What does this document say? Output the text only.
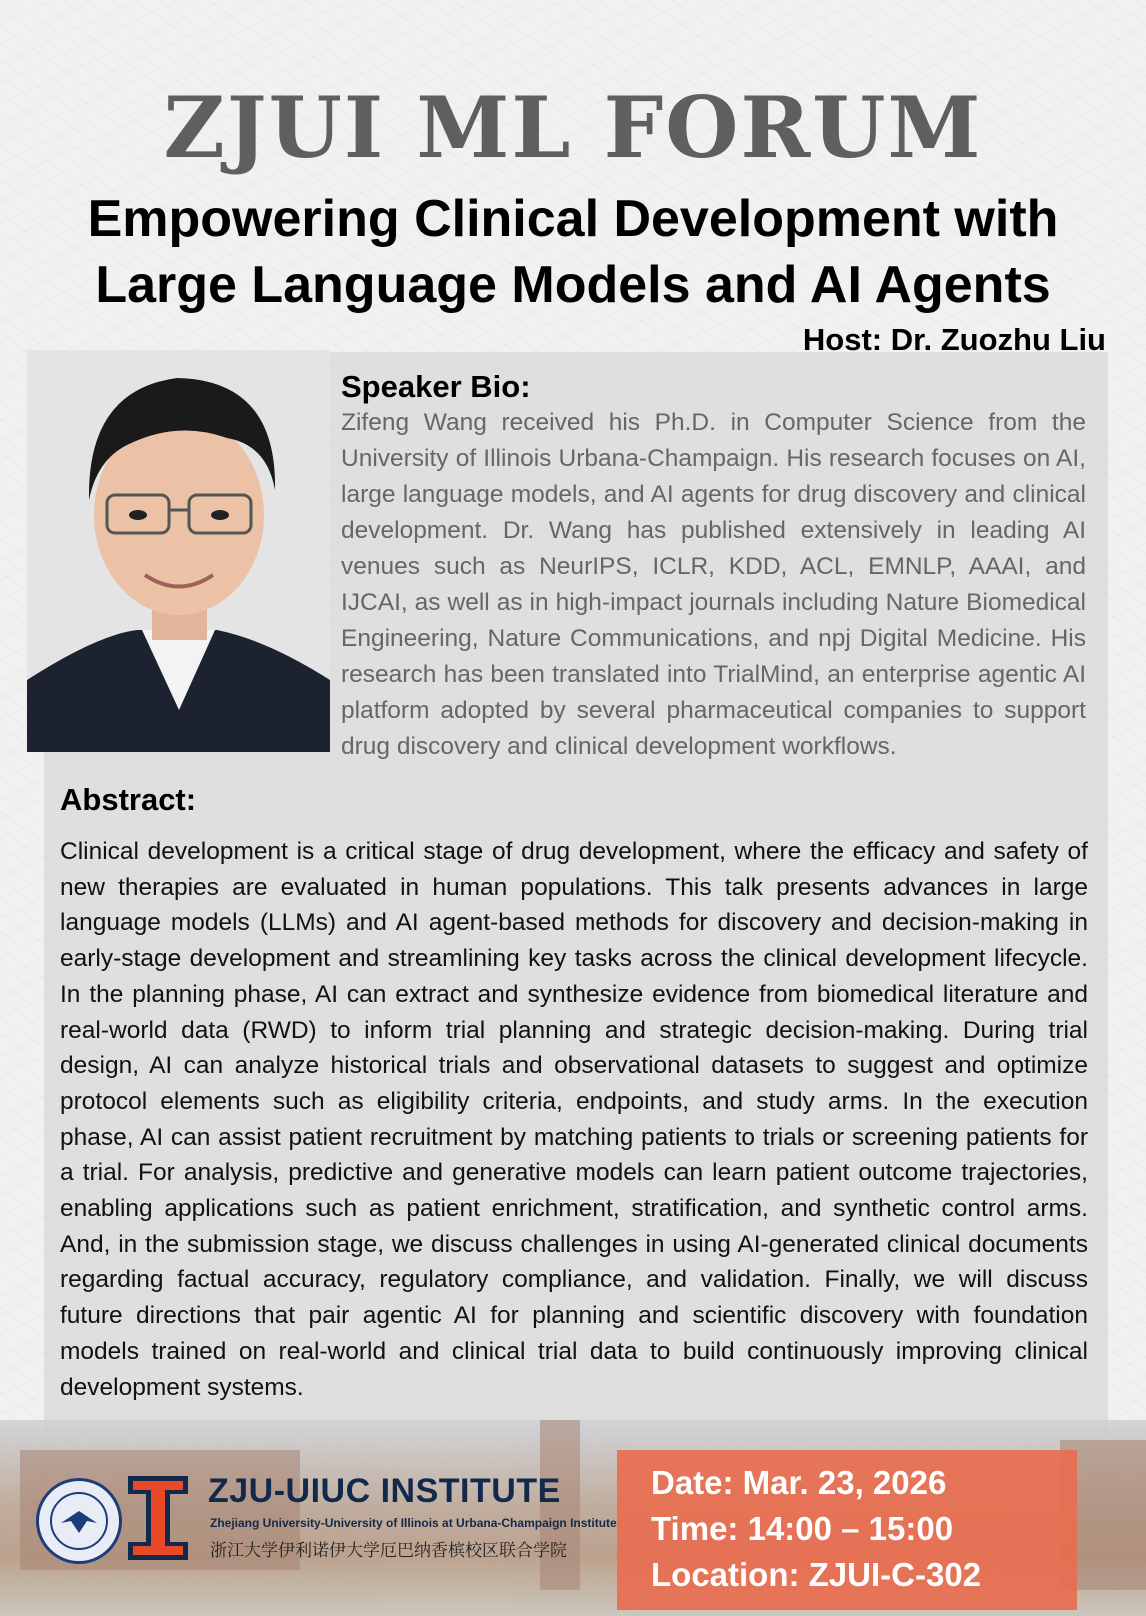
ZJUI ML FORUM
Empowering Clinical Development with
Large Language Models and AI Agents
Host: Dr. Zuozhu Liu
Speaker Bio:

Zifeng Wang received his Ph.D. in Computer Science from the University of Illinois Urbana-Champaign. His research focuses on AI, large language models, and AI agents for drug discovery and clinical development. Dr. Wang has published extensively in leading AI venues such as NeurIPS, ICLR, KDD, ACL, EMNLP, AAAI, and IJCAI, as well as in high-impact journals including Nature Biomedical Engineering, Nature Communications, and npj Digital Medicine. His research has been translated into TrialMind, an enterprise agentic AI platform adopted by several pharmaceutical companies to support drug discovery and clinical development workflows.

Abstract:

Clinical development is a critical stage of drug development, where the efficacy and safety of new therapies are evaluated in human populations. This talk presents advances in large language models (LLMs) and AI agent-based methods for discovery and decision-making in early-stage development and streamlining key tasks across the clinical development lifecycle. In the planning phase, AI can extract and synthesize evidence from biomedical literature and real-world data (RWD) to inform trial planning and strategic decision-making. During trial design, AI can analyze historical trials and observational datasets to suggest and optimize protocol elements such as eligibility criteria, endpoints, and study arms. In the execution phase, AI can assist patient recruitment by matching patients to trials or screening patients for a trial. For analysis, predictive and generative models can learn patient outcome trajectories, enabling applications such as patient enrichment, stratification, and synthetic control arms. And, in the submission stage, we discuss challenges in using AI-generated clinical documents regarding factual accuracy, regulatory compliance, and validation. Finally, we will discuss future directions that pair agentic AI for planning and scientific discovery with foundation models trained on real-world and clinical trial data to build continuously improving clinical development systems.

ZJU-UIUC INSTITUTE
Zhejiang University-University of Illinois at Urbana-Champaign Institute
浙江大学伊利诺伊大学厄巴纳香槟校区联合学院
Date: Mar. 23, 2026
Time: 14:00 – 15:00
Location: ZJUI-C-302
